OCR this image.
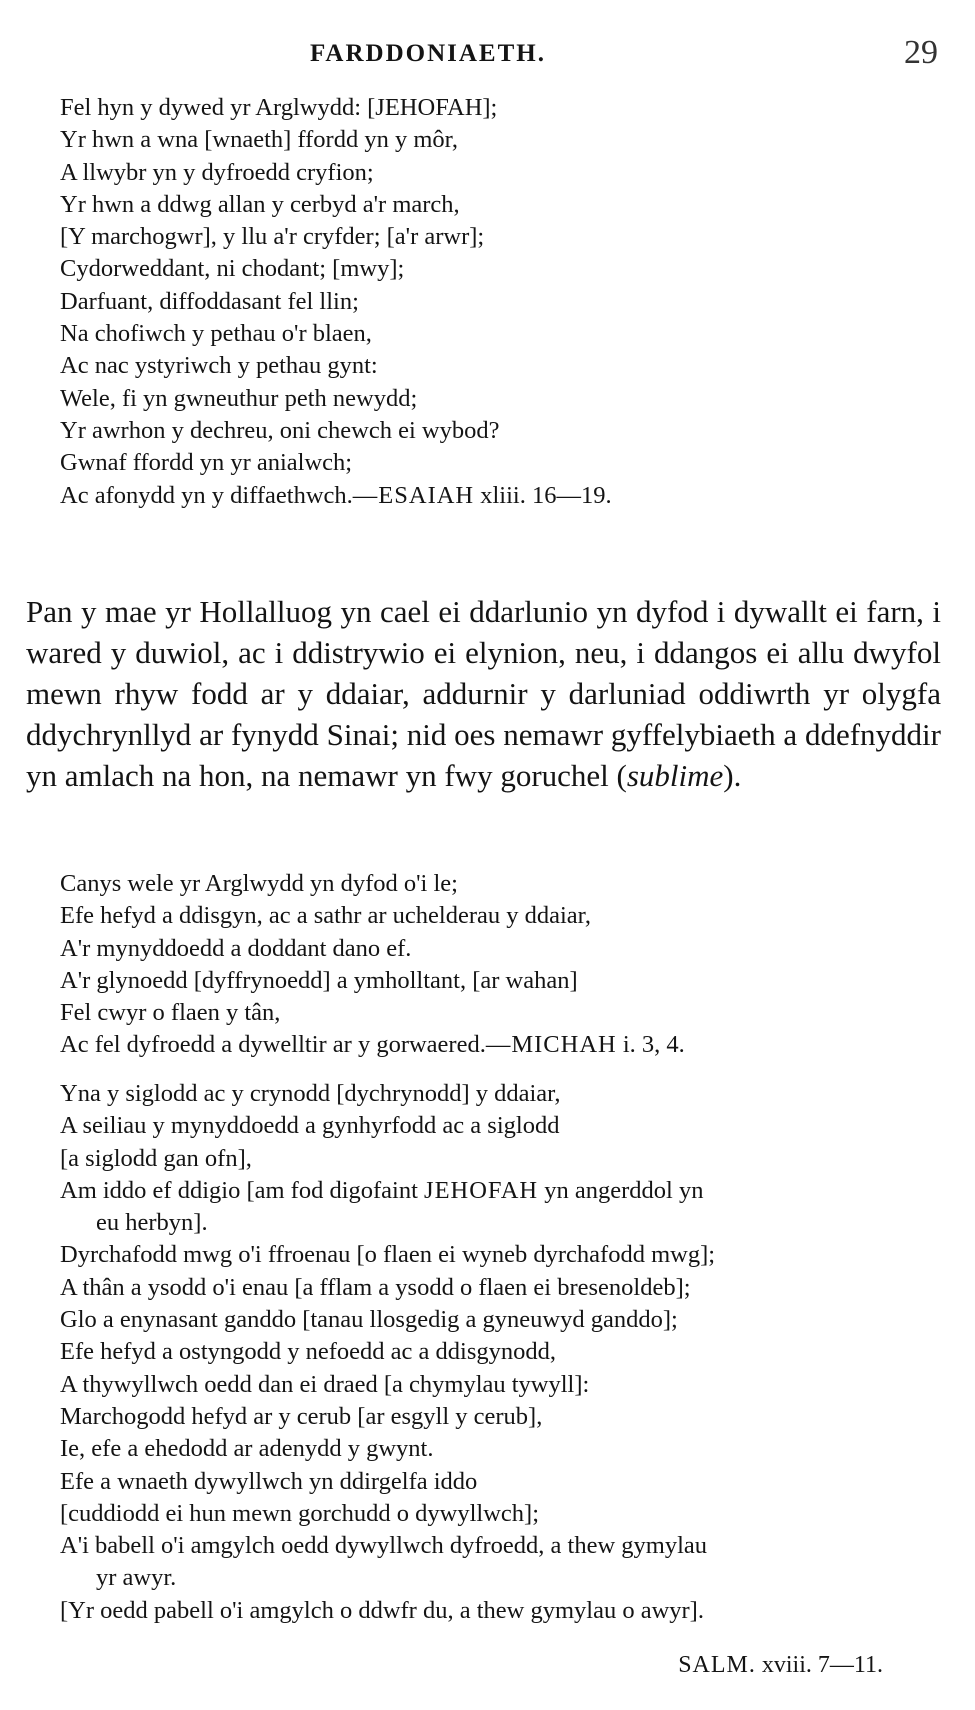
FARDDONIAETH.	29
Fel hyn y dywed yr Arglwydd: [JEHOFAH];
Yr hwn a wna [wnaeth] ffordd yn y môr,
A llwybr yn y dyfroedd cryfion;
Yr hwn a ddwg allan y cerbyd a'r march,
[Y marchogwr], y llu a'r cryfder; [a'r arwr];
Cydorweddant, ni chodant; [mwy];
Darfuant, diffoddasant fel llin;
Na chofiwch y pethau o'r blaen,
Ac nac ystyriwch y pethau gynt:
Wele, fi yn gwneuthur peth newydd;
Yr awrhon y dechreu, oni chewch ei wybod?
Gwnaf ffordd yn yr anialwch;
Ac afonydd yn y diffaethwch.—ESAIAH xliii. 16—19.

Pan y mae yr Hollalluog yn cael ei ddarlunio yn dyfod i dywallt ei farn, i wared y duwiol, ac i ddistrywio ei elynion, neu, i ddangos ei allu dwyfol mewn rhyw fodd ar y ddaiar, addurnir y darluniad oddiwrth yr olygfa ddychrynllyd ar fynydd Sinai; nid oes nemawr gyffelybiaeth a ddefnyddir yn amlach na hon, na nemawr yn fwy goruchel (sublime).

Canys wele yr Arglwydd yn dyfod o'i le;
Efe hefyd a ddisgyn, ac a sathr ar uchelderau y ddaiar,
A'r mynyddoedd a doddant dano ef.
A'r glynoedd [dyffrynoedd] a ymholltant, [ar wahan]
Fel cwyr o flaen y tân,
Ac fel dyfroedd a dywelltir ar y gorwaered.—MICHAH i. 3, 4.
Yna y siglodd ac y crynodd [dychrynodd] y ddaiar,
A seiliau y mynyddoedd a gynhyrfodd ac a siglodd
[a siglodd gan ofn],
Am iddo ef ddigio [am fod digofaint JEHOFAH yn angerddol yn
eu herbyn].
Dyrchafodd mwg o'i ffroenau [o flaen ei wyneb dyrchafodd mwg];
A thân a ysodd o'i enau [a fflam a ysodd o flaen ei bresenoldeb];
Glo a enynasant ganddo [tanau llosgedig a gyneuwyd ganddo];
Efe hefyd a ostyngodd y nefoedd ac a ddisgynodd,
A thywyllwch oedd dan ei draed [a chymylau tywyll]:
Marchogodd hefyd ar y cerub [ar esgyll y cerub],
Ie, efe a ehedodd ar adenydd y gwynt.
Efe a wnaeth dywyllwch yn ddirgelfa iddo
[cuddiodd ei hun mewn gorchudd o dywyllwch];
A'i babell o'i amgylch oedd dywyllwch dyfroedd, a thew gymylau
yr awyr.
[Yr oedd pabell o'i amgylch o ddwfr du, a thew gymylau o awyr].
SALM. xviii. 7—11.
